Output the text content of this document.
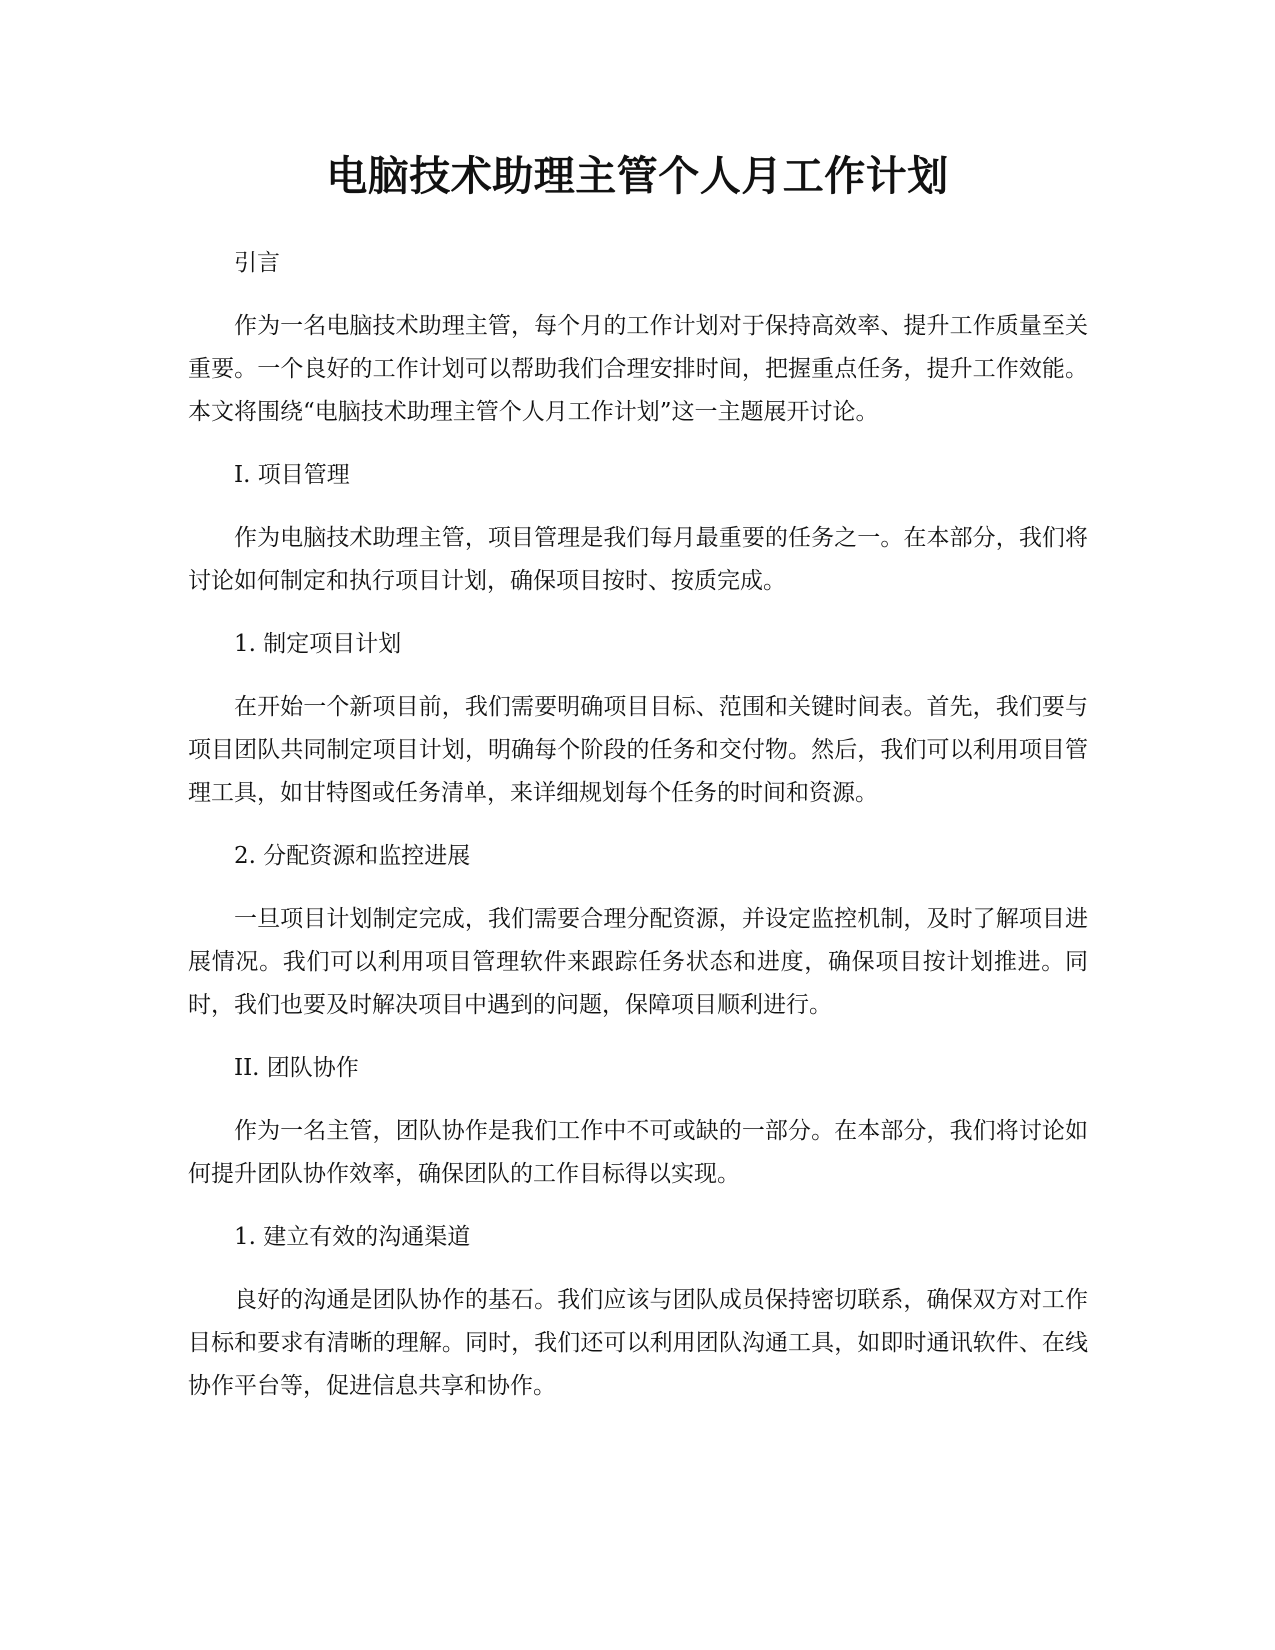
电脑技术助理主管个人月工作计划

引言

作为一名电脑技术助理主管，每个月的工作计划对于保持高效率、提升工作质量至关重要。一个良好的工作计划可以帮助我们合理安排时间，把握重点任务，提升工作效能。本文将围绕“电脑技术助理主管个人月工作计划”这一主题展开讨论。

I. 项目管理

作为电脑技术助理主管，项目管理是我们每月最重要的任务之一。在本部分，我们将讨论如何制定和执行项目计划，确保项目按时、按质完成。

1. 制定项目计划

在开始一个新项目前，我们需要明确项目目标、范围和关键时间表。首先，我们要与项目团队共同制定项目计划，明确每个阶段的任务和交付物。然后，我们可以利用项目管理工具，如甘特图或任务清单，来详细规划每个任务的时间和资源。

2. 分配资源和监控进展

一旦项目计划制定完成，我们需要合理分配资源，并设定监控机制，及时了解项目进展情况。我们可以利用项目管理软件来跟踪任务状态和进度，确保项目按计划推进。同时，我们也要及时解决项目中遇到的问题，保障项目顺利进行。

II. 团队协作

作为一名主管，团队协作是我们工作中不可或缺的一部分。在本部分，我们将讨论如何提升团队协作效率，确保团队的工作目标得以实现。

1. 建立有效的沟通渠道

良好的沟通是团队协作的基石。我们应该与团队成员保持密切联系，确保双方对工作目标和要求有清晰的理解。同时，我们还可以利用团队沟通工具，如即时通讯软件、在线协作平台等，促进信息共享和协作。
